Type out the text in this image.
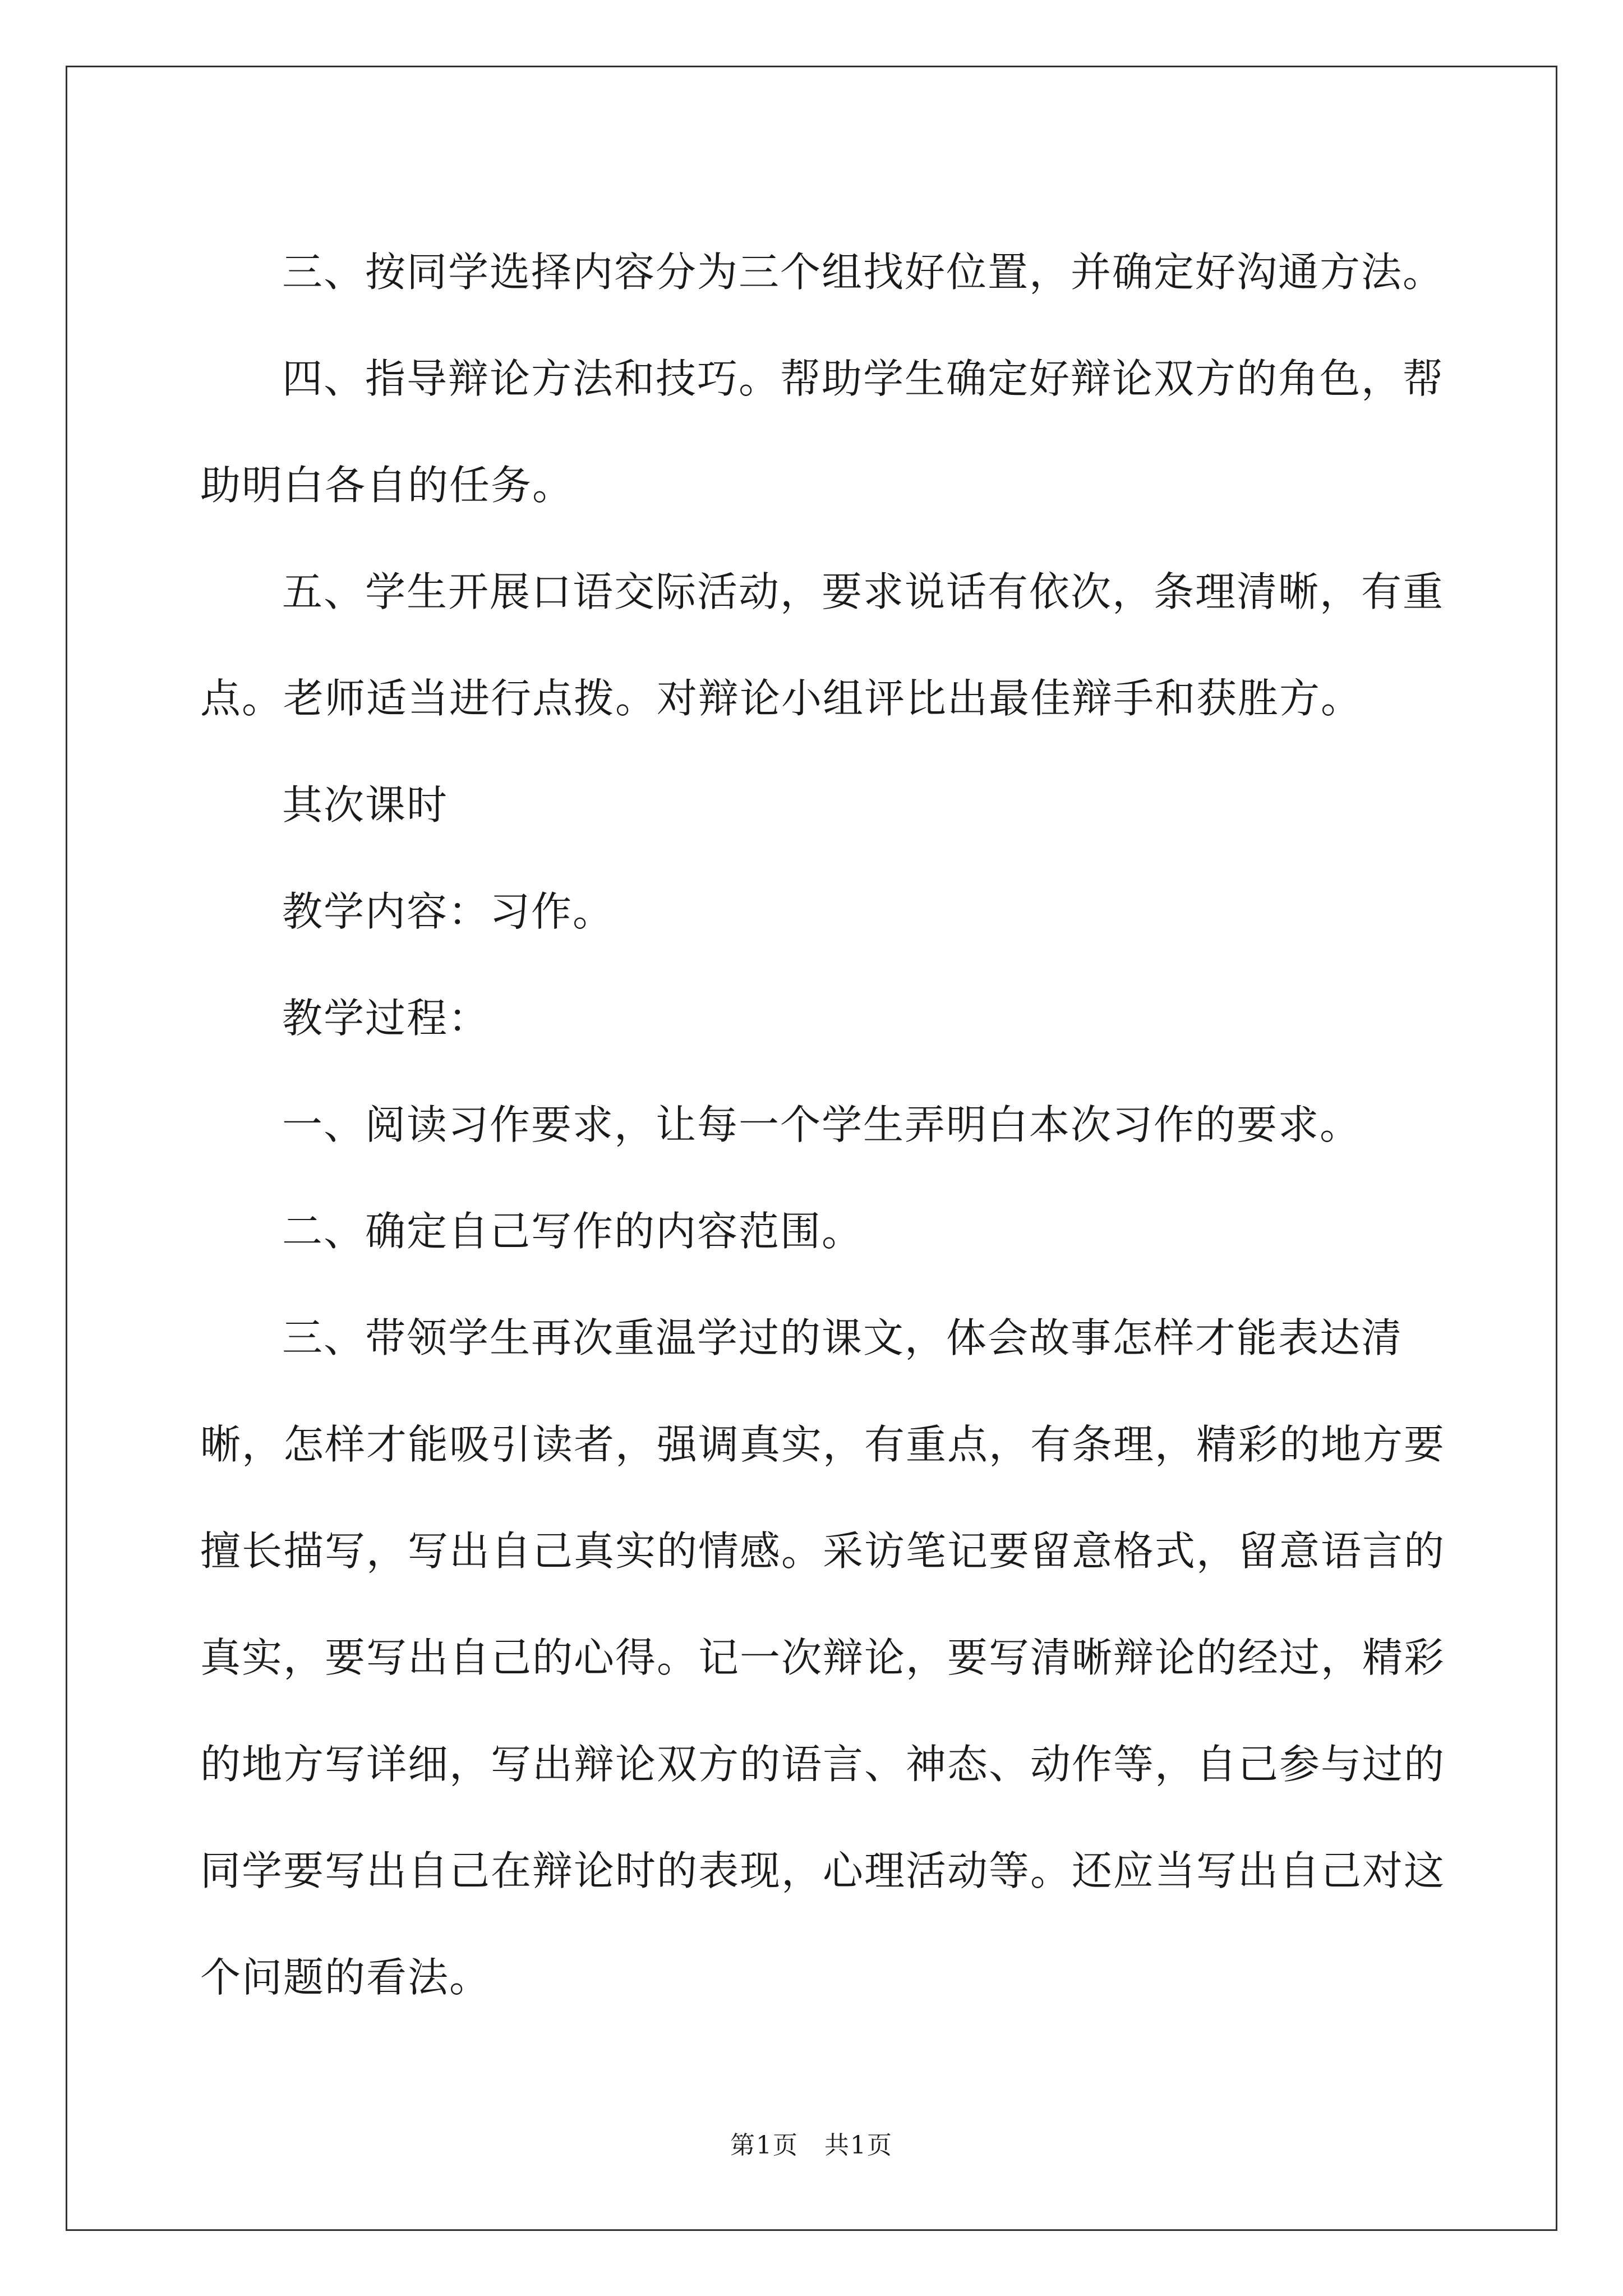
三、按同学选择内容分为三个组找好位置，并确定好沟通方法。

四、指导辩论方法和技巧。帮助学生确定好辩论双方的角色，帮助明白各自的任务。

五、学生开展口语交际活动，要求说话有依次，条理清晰，有重点。老师适当进行点拨。对辩论小组评比出最佳辩手和获胜方。

其次课时

教学内容：习作。

教学过程：

一、阅读习作要求，让每一个学生弄明白本次习作的要求。

二、确定自己写作的内容范围。

三、带领学生再次重温学过的课文，体会故事怎样才能表达清晰，怎样才能吸引读者，强调真实，有重点，有条理，精彩的地方要擅长描写，写出自己真实的情感。采访笔记要留意格式，留意语言的真实，要写出自己的心得。记一次辩论，要写清晰辩论的经过，精彩的地方写详细，写出辩论双方的语言、神态、动作等，自己参与过的同学要写出自己在辩论时的表现，心理活动等。还应当写出自己对这个问题的看法。

第1页　共1页
